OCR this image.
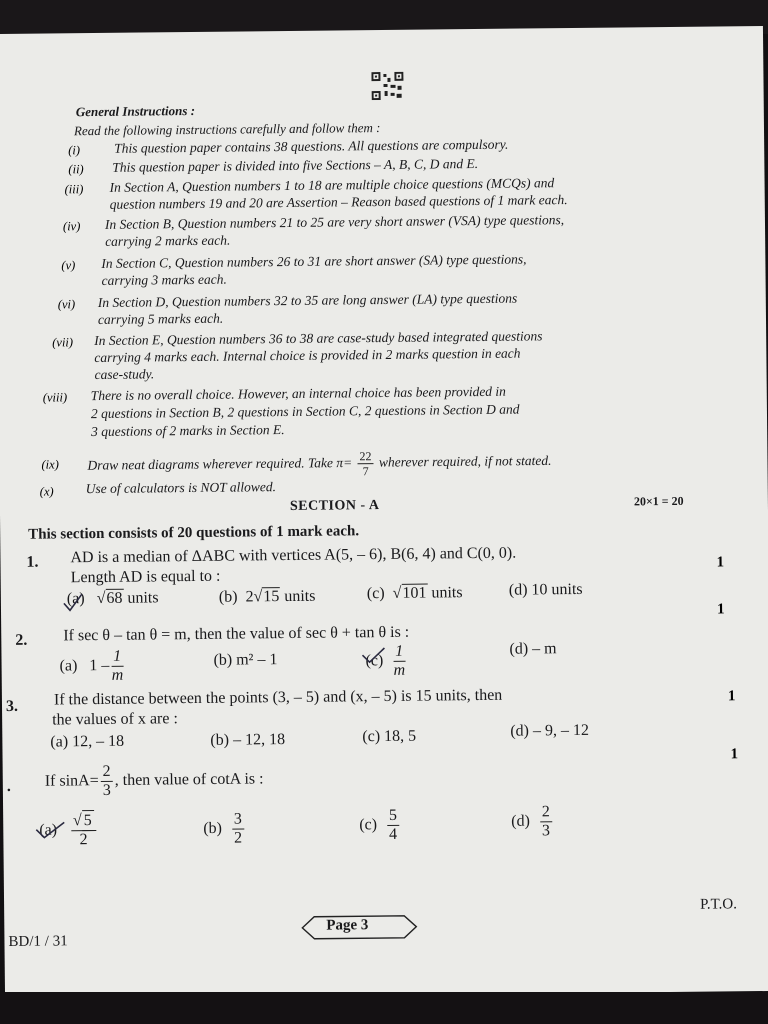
General Instructions :
Read the following instructions carefully and follow them :
(i)	This question paper contains 38 questions. All questions are compulsory.
(ii) This question paper is divided into five Sections – A, B, C, D and E.
(iii) In Section A, Question numbers 1 to 18 are multiple choice questions (MCQs) and
question numbers 19 and 20 are Assertion – Reason based questions of 1 mark each.
(iv) In Section B, Question numbers 21 to 25 are very short answer (VSA) type questions,
carrying 2 marks each.
(v) In Section C, Question numbers 26 to 31 are short answer (SA) type questions,
carrying 3 marks each.
(vi) In Section D, Question numbers 32 to 35 are long answer (LA) type questions
carrying 5 marks each.
(vii) In Section E, Question numbers 36 to 38 are case-study based integrated questions
carrying 4 marks each. Internal choice is provided in 2 marks question in each
case-study.
(viii) There is no overall choice. However, an internal choice has been provided in
2 questions in Section B, 2 questions in Section C, 2 questions in Section D and
3 questions of 2 marks in Section E.
(ix) Draw neat diagrams wherever required. Take $\pi= \frac{22}{7}$ wherever required, if not stated.
(x) Use of calculators is NOT allowed.
SECTION - A	20×1 = 20
This section consists of 20 questions of 1 mark each.
1. AD is a median of ΔABC with vertices A(5, – 6), B(6, 4) and C(0, 0).
Length AD is equal to :
(a)   √68 units	(b) 2√15 units	(c)  √101 units	(d) 10 units
1
2. If sec θ – tan θ = m, then the value of sec θ + tan θ is :
(a) $1 - \frac{1}{m}$	(b) m² – 1	$(c) \frac{1}{m}$	(d) – m
1
3. If the distance between the points (3, – 5) and (x, – 5) is 15 units, then
the values of x are :
(a) 12, – 18	(b) – 12, 18	(c) 18, 5	(d) – 9, – 12
1
. If $\sin A= \frac{2}{3}$ , then value of cotA is :
$(a) \frac{√ 5}{2}$	$(b) \frac{3}{2}$	$(c) \frac{5}{4}$	$(d) \frac{2}{3}$
1
BD/1 / 31
Page 3
P.T.O.
